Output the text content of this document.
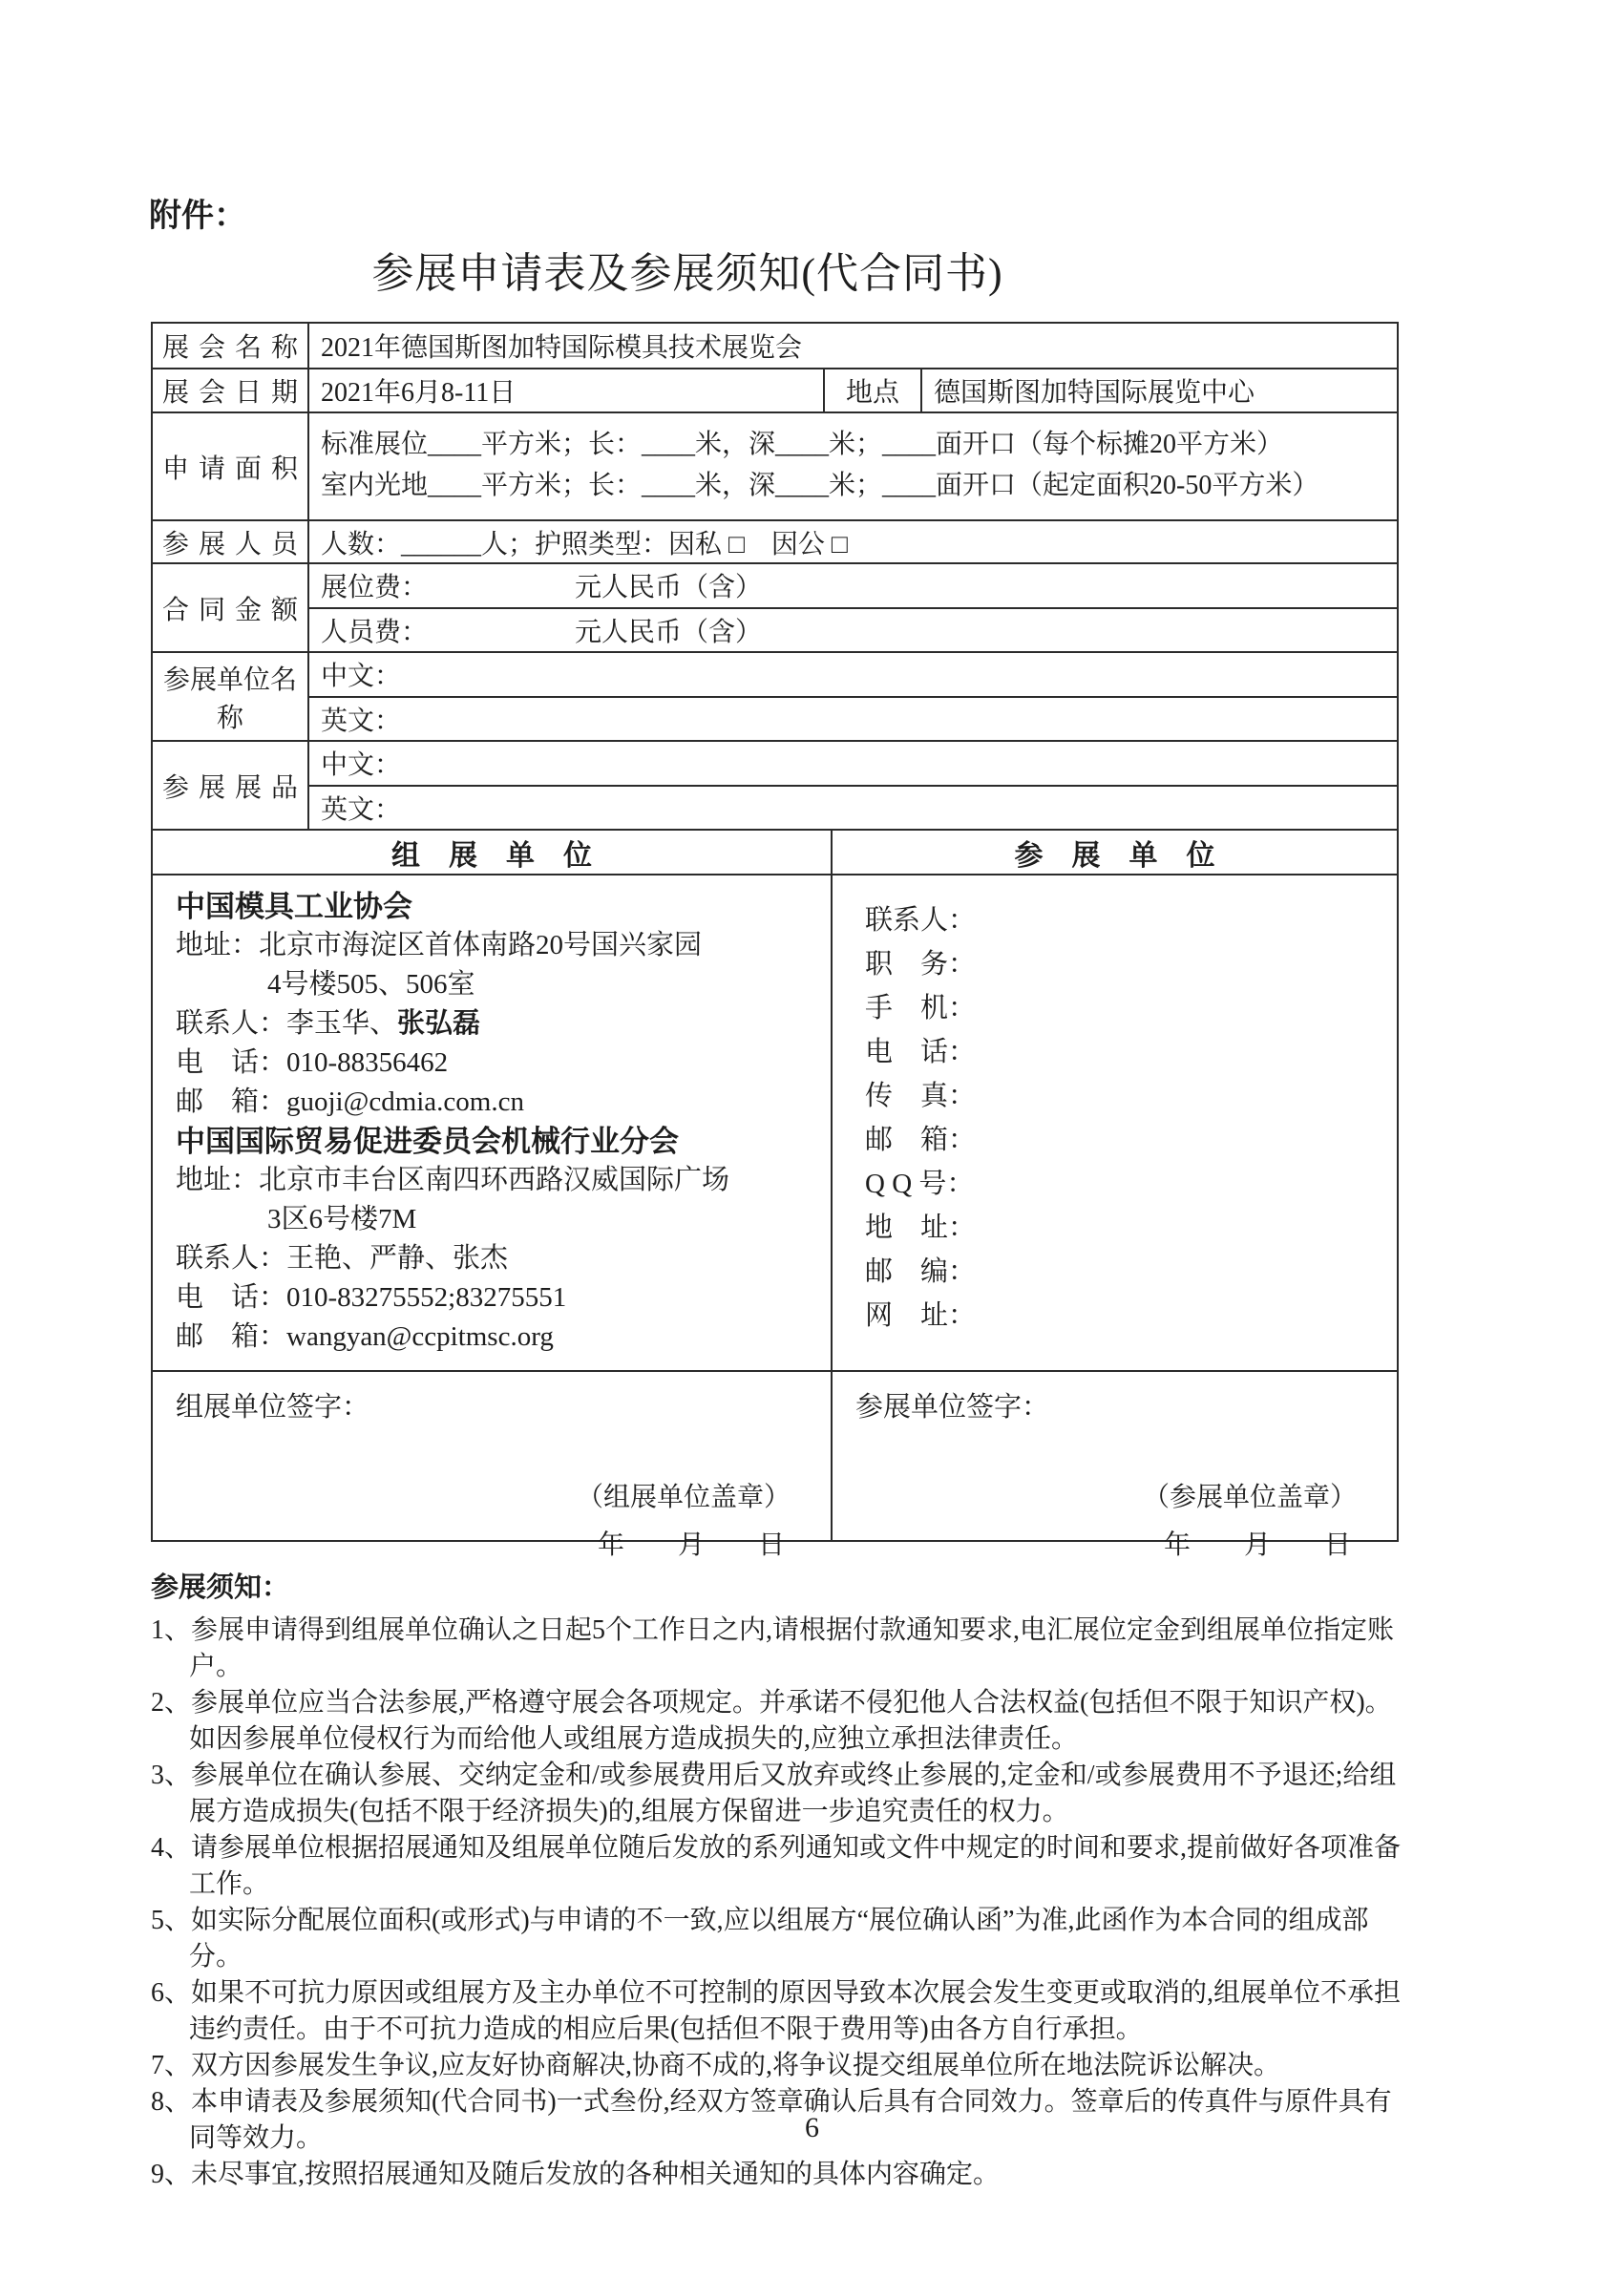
附件：
参展申请表及参展须知(代合同书)
展会名称 2021年德国斯图加特国际模具技术展览会
展会日期 2021年6月8-11日	地点	德国斯图加特国际展览中心
申请面积
标准展位____平方米；长：____米，深____米；____面开口（每个标摊20平方米）
室内光地____平方米；长：____米，深____米；____面开口（起定面积20-50平方米）
参展人员 人数：______人；护照类型：因私 □　因公 □
合同金额
展位费：　　　　　　元人民币（含）
人员费：　　　　　　元人民币（含）
参展单位名称
中文：
英文：
参展展品
中文：
英文：
组　展　单　位	参　展　单　位
中国模具工业协会
地址：北京市海淀区首体南路20号国兴家园
4号楼505、506室
联系人：李玉华、张弘磊
电　话：010-88356462
邮　箱：guoji@cdmia.com.cn
中国国际贸易促进委员会机械行业分会
地址：北京市丰台区南四环西路汉威国际广场
3区6号楼7M
联系人：王艳、严静、张杰
电　话：010-83275552;83275551
邮　箱：wangyan@ccpitmsc.org
联系人：
职　务：
手　机：
电　话：
传　真：
邮　箱：
Q Q 号：
地　址：
邮　编：
网　址：
组展单位签字：
（组展单位盖章）
年　　月　　日
参展单位签字：
（参展单位盖章）
年　　月　　日
参展须知：
1、参展申请得到组展单位确认之日起5个工作日之内,请根据付款通知要求,电汇展位定金到组展单位指定账户。
2、参展单位应当合法参展,严格遵守展会各项规定。并承诺不侵犯他人合法权益(包括但不限于知识产权)。如因参展单位侵权行为而给他人或组展方造成损失的,应独立承担法律责任。
3、参展单位在确认参展、交纳定金和/或参展费用后又放弃或终止参展的,定金和/或参展费用不予退还;给组展方造成损失(包括不限于经济损失)的,组展方保留进一步追究责任的权力。
4、请参展单位根据招展通知及组展单位随后发放的系列通知或文件中规定的时间和要求,提前做好各项准备工作。
5、如实际分配展位面积(或形式)与申请的不一致,应以组展方“展位确认函”为准,此函作为本合同的组成部分。
6、如果不可抗力原因或组展方及主办单位不可控制的原因导致本次展会发生变更或取消的,组展单位不承担违约责任。由于不可抗力造成的相应后果(包括但不限于费用等)由各方自行承担。
7、双方因参展发生争议,应友好协商解决,协商不成的,将争议提交组展单位所在地法院诉讼解决。
8、本申请表及参展须知(代合同书)一式叁份,经双方签章确认后具有合同效力。签章后的传真件与原件具有同等效力。
9、未尽事宜,按照招展通知及随后发放的各种相关通知的具体内容确定。
6
